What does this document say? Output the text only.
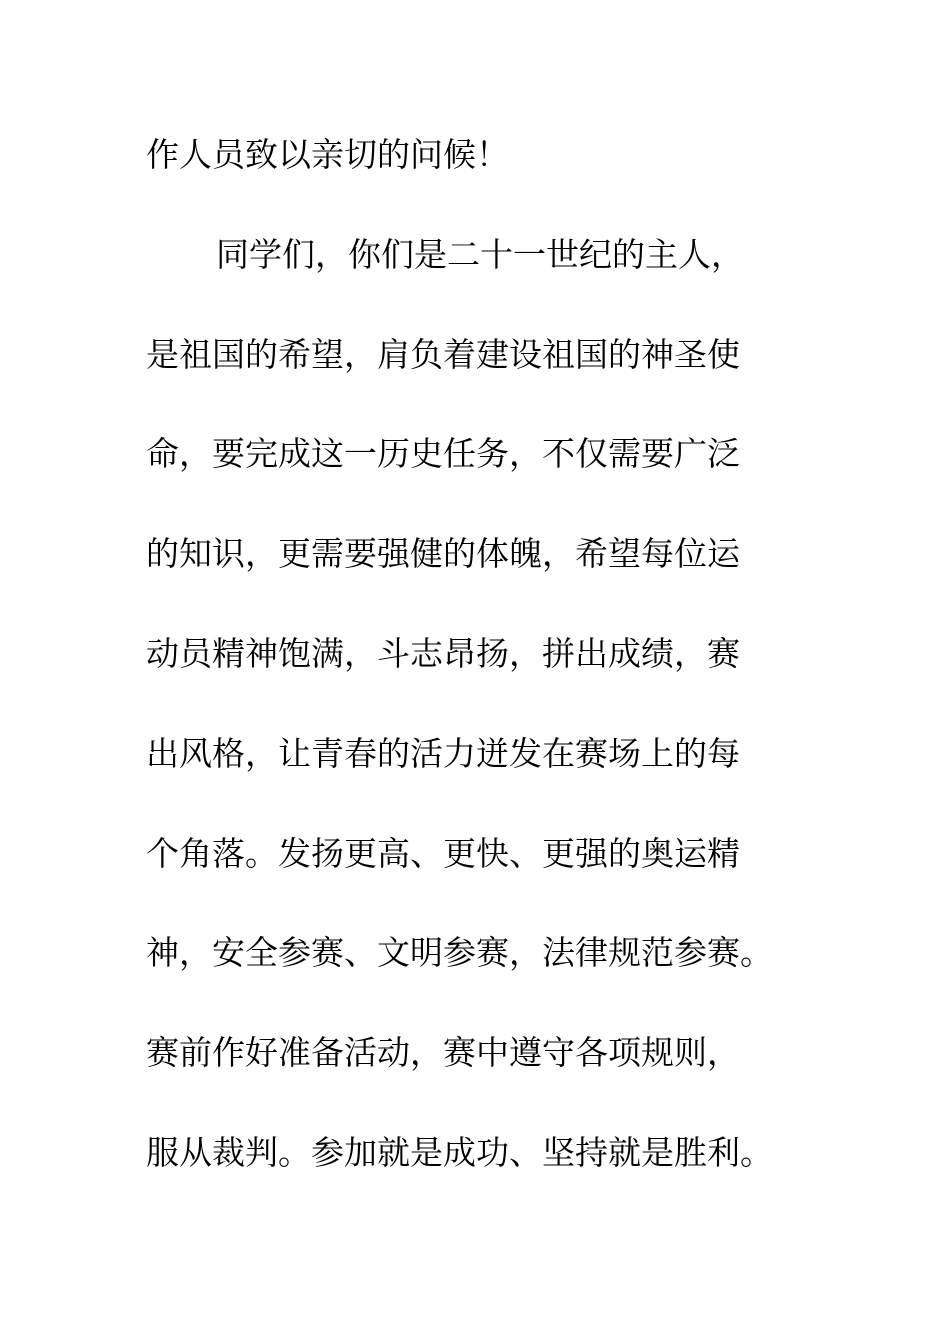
作人员致以亲切的问候！
同学们，你们是二十一世纪的主人，
是祖国的希望，肩负着建设祖国的神圣使
命，要完成这一历史任务，不仅需要广泛
的知识，更需要强健的体魄，希望每位运
动员精神饱满，斗志昂扬，拼出成绩，赛
出风格，让青春的活力迸发在赛场上的每
个角落。发扬更高、更快、更强的奥运精
神，安全参赛、文明参赛，法律规范参赛。
赛前作好准备活动，赛中遵守各项规则，
服从裁判。参加就是成功、坚持就是胜利。
